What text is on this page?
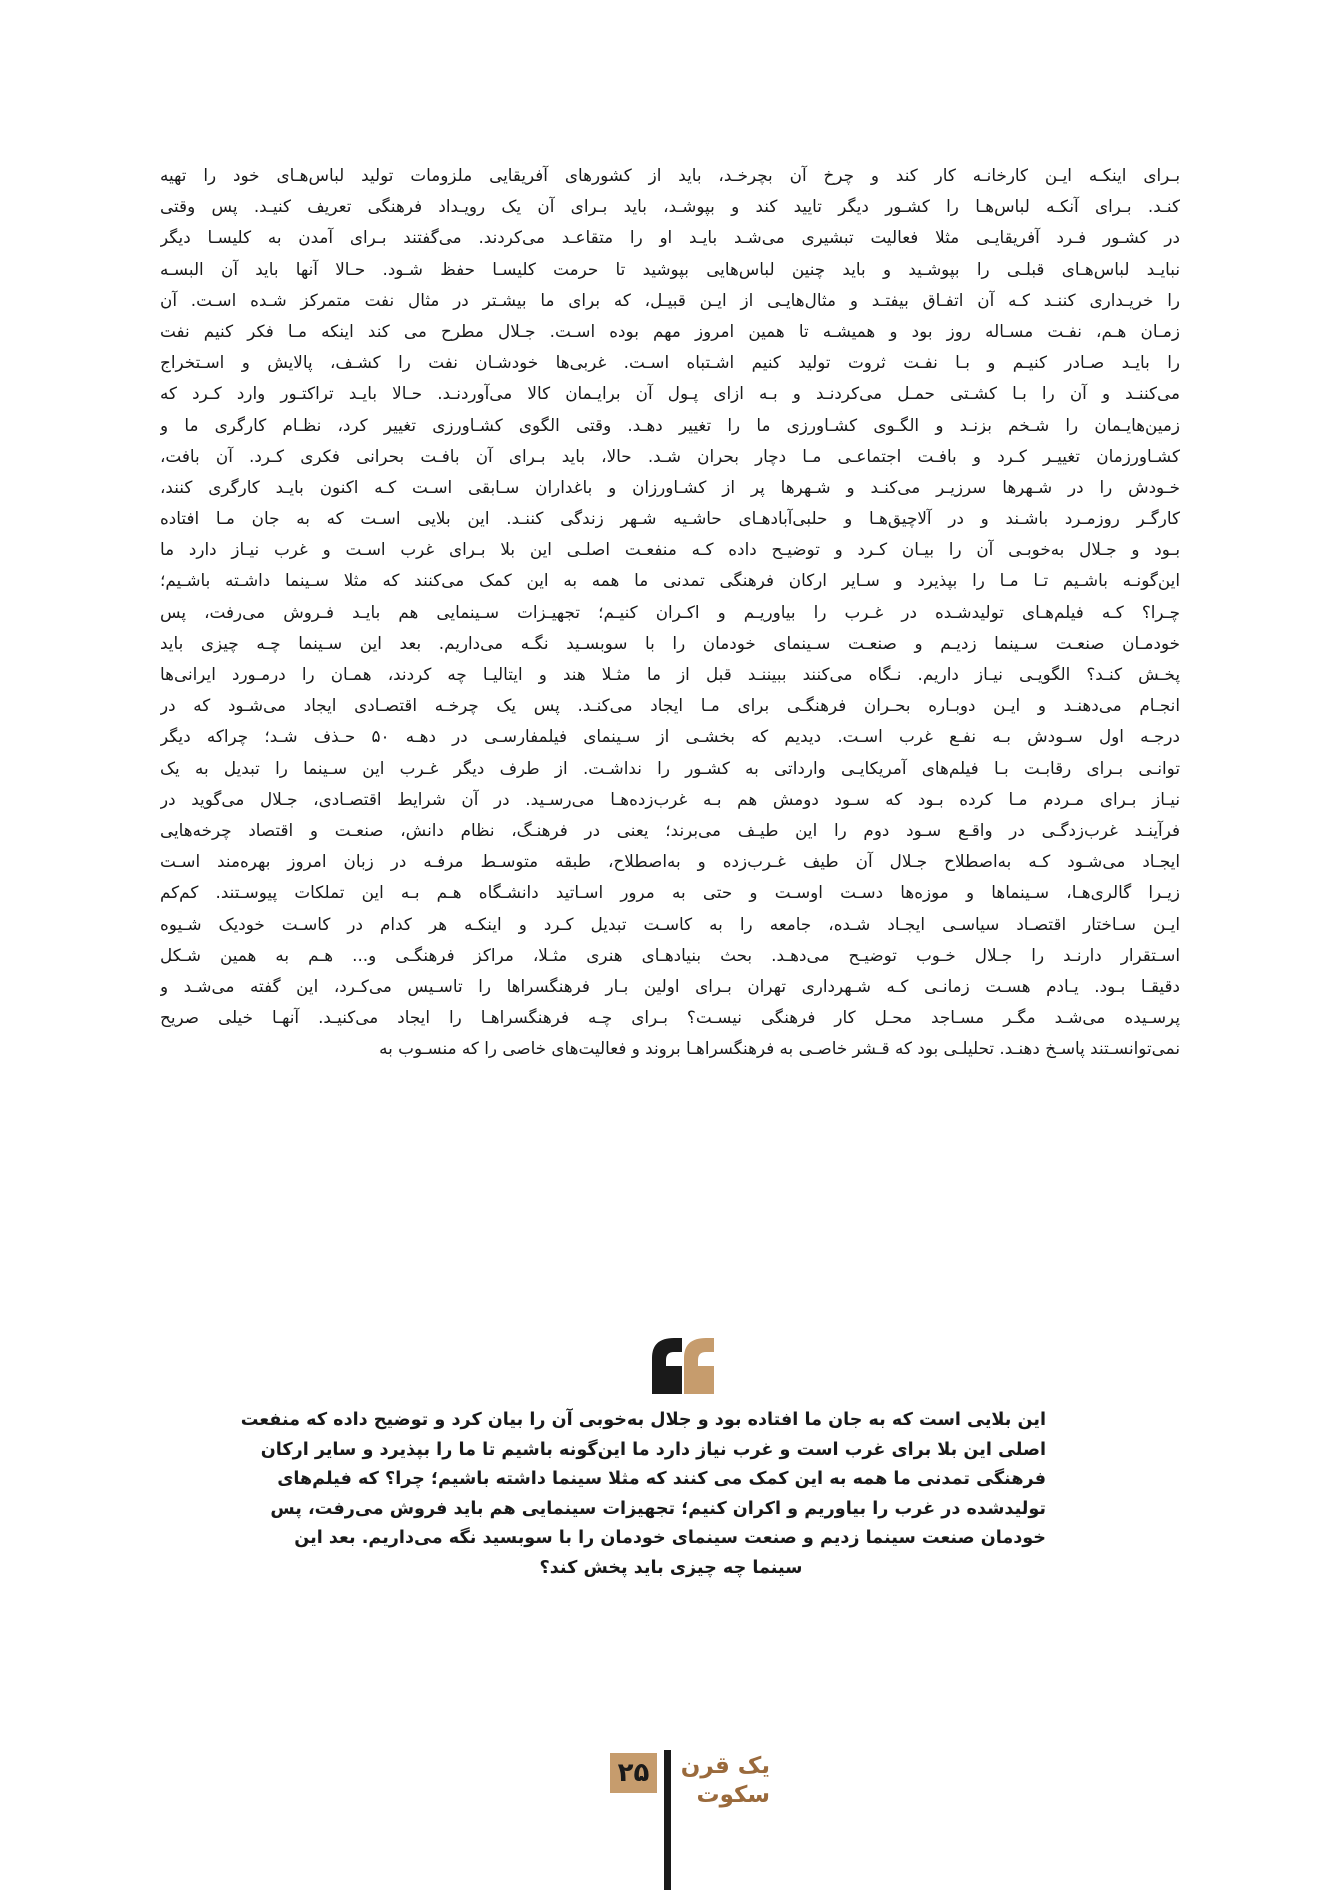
بـرای اینکـه ایـن کارخانـه کار کند و چرخ آن بچرخـد، باید از کشورهای آفریقایی ملزومات تولید لباس‌هـای خود را تهیه
کنـد. بـرای آنکـه لباس‌هـا را کشـور دیگر تایید کند و بپوشـد، باید بـرای آن یک رویـداد فرهنگی تعریف کنیـد. پس وقتی
در کشـور فـرد آفریقایـی مثلا فعالیت تبشیری می‌شـد بایـد او را متقاعـد می‌کردند. می‌گفتند بـرای آمدن به کلیسـا دیگر
نبایـد لباس‌هـای قبلـی را بپوشـید و باید چنین لباس‌هایی بپوشید تا حرمت کلیسـا حفظ شـود. حـالا آنها باید آن البسـه
را خریـداری کننـد کـه آن اتفـاق بیفتـد و مثال‌هایـی از ایـن قبیـل، که برای ما بیشـتر در مثال نفت متمرکز شـده اسـت. آن
زمـان هـم، نفـت مسـاله روز بود و همیشـه تا همین امروز مهم بوده اسـت. جـلال مطرح می کند اینکه مـا فکر کنیم نفت
را بایـد صـادر کنیـم و بـا نفـت ثروت تولید کنیم اشـتباه اسـت. غربی‌ها خودشـان نفت را کشـف، پالایش و اسـتخراج
می‌کننـد و آن را بـا کشـتی حمـل می‌کردنـد و بـه ازای پـول آن برایـمان کالا می‌آوردنـد. حـالا بایـد تراکتـور وارد کـرد که
زمین‌هایـمان را شـخم بزنـد و الگـوی کشـاورزی ما را تغییر دهـد. وقتی الگوی کشـاورزی تغییر کرد، نظـام کارگری ما و
کشـاورزمان تغییـر کـرد و بافـت اجتماعـی مـا دچار بحران شـد. حالا، باید بـرای آن بافـت بحرانی فکری کـرد. آن بافت،
خـودش را در شـهرها سرزیـر می‌کنـد و شـهرها پر از کشـاورزان و باغداران سـابقی اسـت کـه اکنون بایـد کارگری کنند،
کارگـر روزمـرد باشـند و در آلاچیق‌هـا و حلبی‌آبادهـای حاشـیه شـهر زندگی کننـد. این بلایی اسـت که به جان مـا افتاده
بـود و جـلال به‌خوبـی آن را بیـان کـرد و توضیـح داده کـه منفعـت اصلـی این بلا بـرای غرب اسـت و غرب نیـاز دارد ما
این‌گونـه باشـیم تـا مـا را بپذیرد و سـایر ارکان فرهنگی تمدنی ما همه به این کمک می‌کنند که مثلا سـینما داشـته باشـیم؛
چـرا؟ کـه فیلم‌هـای تولیدشـده در غـرب را بیاوریـم و اکـران کنیـم؛ تجهیـزات سـینمایی هم بایـد فـروش می‌رفت، پس
خودمـان صنعـت سـینما زدیـم و صنعـت سـینمای خودمان را با سوبسـید نگـه می‌داریم. بعد این سـینما چـه چیزی باید
پخـش کنـد؟ الگویـی نیـاز داریم. نـگاه می‌کنند ببیننـد قبل از ما مثـلا هند و ایتالیـا چه کردند، همـان را درمـورد ایرانی‌ها
انجـام می‌دهنـد و ایـن دوبـاره بحـران فرهنگـی برای مـا ایجاد می‌کنـد. پس یک چرخـه اقتصـادی ایجاد می‌شـود که در
درجـه اول سـودش بـه نفـع غرب اسـت. دیدیم که بخشـی از سـینمای فیلمفارسـی در دهـه ۵۰ حـذف شـد؛ چراکه دیگر
توانـی بـرای رقابـت بـا فیلم‌های آمریکایـی وارداتی به کشـور را نداشـت. از طرف دیگر غـرب این سـینما را تبدیل به یک
نیـاز بـرای مـردم مـا کرده بـود که سـود دومش هم بـه غرب‌زده‌هـا می‌رسـید. در آن شرایط اقتصـادی، جـلال می‌گوید در
فرآینـد غرب‌زدگـی در واقـع سـود دوم را این طیـف می‌برند؛ یعنی در فرهنـگ، نظام دانش، صنعـت و اقتصاد چرخه‌هایی
ایجـاد می‌شـود کـه به‌اصطلاح جـلال آن طیف غـرب‌زده و به‌اصطلاح، طبقه متوسـط مرفـه در زبان امروز بهره‌مند اسـت
زیـرا گالری‌هـا، سـینماها و موزه‌ها دسـت اوسـت و حتی به مرور اسـاتید دانشـگاه هـم بـه این تملکات پیوسـتند. کم‌کم
ایـن سـاختار اقتصـاد سیاسـی ایجـاد شـده، جامعه را به کاسـت تبدیل کـرد و اینکـه هر کدام در کاسـت خودیک شـیوه
اسـتقرار دارنـد را جـلال خـوب توضیـح می‌دهـد. بحث بنیادهـای هنری مثـلا، مراکز فرهنگـی و... هـم به همین شـکل
دقیقـا بـود. یـادم هسـت زمانـی کـه شـهرداری تهران بـرای اولین بـار فرهنگسراها را تاسـیس می‌کـرد، این گفته می‌شـد و
پرسـیده می‌شـد مگـر مسـاجد محـل کار فرهنگی نیسـت؟ بـرای چـه فرهنگسراهـا را ایجاد می‌کنیـد. آنهـا خیلی صریح
نمی‌توانسـتند پاسـخ دهنـد. تحلیلـی بود که قـشر خاصـی به فرهنگسراهـا بروند و فعالیت‌های خاصی را که منسـوب به
این بلایی است که به جان ما افتاده بود و جلال به‌خوبی آن را بیان کرد و توضیح داده که منفعت
اصلی این بلا برای غرب است و غرب نیاز دارد ما این‌گونه باشیم تا ما را بپذیرد و سایر ارکان
فرهنگی تمدنی ما همه به این کمک می کنند که مثلا سینما داشته باشیم؛ چرا؟ که فیلم‌های
تولیدشده در غرب را بیاوریم و اکران کنیم؛ تجهیزات سینمایی هم باید فروش می‌رفت، پس
خودمان صنعت سینما زدیم و صنعت سینمای خودمان را با سوبسید نگه می‌داریم. بعد این
سینما چه چیزی باید پخش کند؟
۲۵	یک قرن
سکوت
